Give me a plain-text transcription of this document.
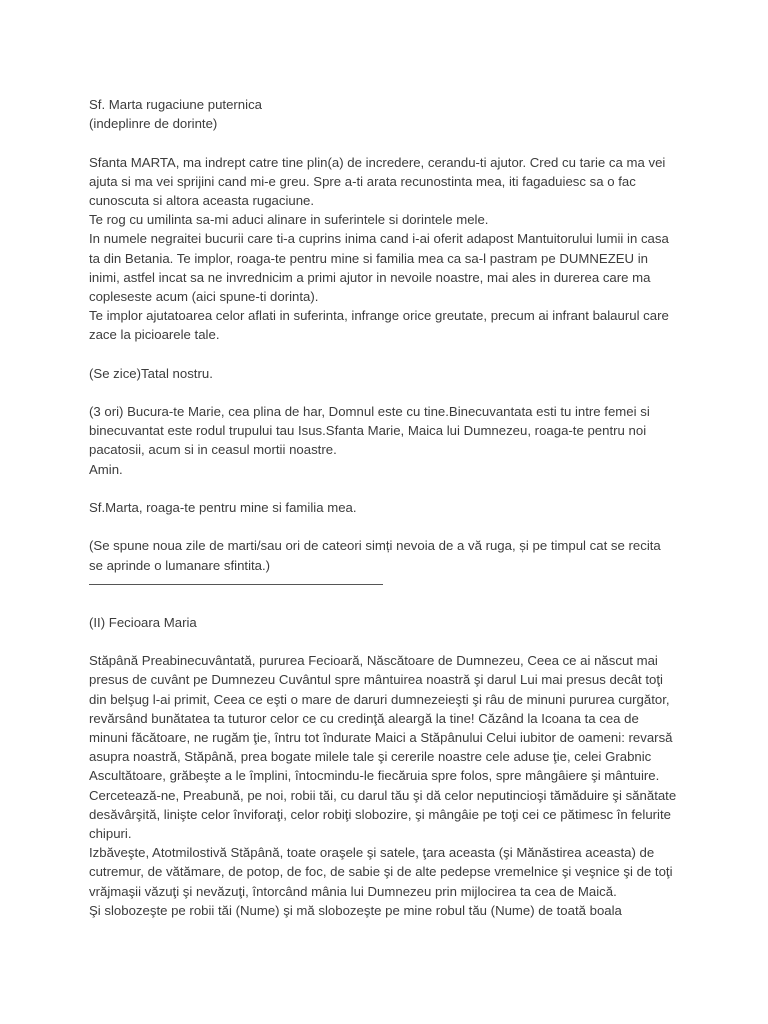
Sf. Marta rugaciune puternica
(indeplinre de dorinte)
Sfanta MARTA, ma indrept catre tine plin(a) de incredere, cerandu-ti ajutor. Cred cu tarie ca ma vei
ajuta si ma vei sprijini cand mi-e greu. Spre a-ti arata recunostinta mea, iti fagaduiesc sa o fac
cunoscuta si altora aceasta rugaciune.
Te rog cu umilinta sa-mi aduci alinare in suferintele si dorintele mele.
In numele negraitei bucurii care ti-a cuprins inima cand i-ai oferit adapost Mantuitorului lumii in casa
ta din Betania. Te implor, roaga-te pentru mine si familia mea ca sa-l pastram pe DUMNEZEU in
inimi, astfel incat sa ne invrednicim a primi ajutor in nevoile noastre, mai ales in durerea care ma
copleseste acum (aici spune-ti dorinta).
Te implor ajutatoarea celor aflati in suferinta, infrange orice greutate, precum ai infrant balaurul care
zace la picioarele tale.
(Se zice)Tatal nostru.
(3 ori) Bucura-te Marie, cea plina de har, Domnul este cu tine.Binecuvantata esti tu intre femei si
binecuvantat este rodul trupului tau Isus.Sfanta Marie, Maica lui Dumnezeu, roaga-te pentru noi
pacatosii, acum si in ceasul mortii noastre.
Amin.
Sf.Marta, roaga-te pentru mine si familia mea.
(Se spune noua zile de marti/sau ori de cateori simți nevoia de a vă ruga, și pe timpul cat se recita
se aprinde o lumanare sfintita.)
(II) Fecioara Maria
Stăpână Preabinecuvântată, pururea Fecioară, Născătoare de Dumnezeu, Ceea ce ai născut mai
presus de cuvânt pe Dumnezeu Cuvântul spre mântuirea noastră şi darul Lui mai presus decât toţi
din belşug l-ai primit, Ceea ce eşti o mare de daruri dumnezeieşti şi râu de minuni pururea curgător,
revărsând bunătatea ta tuturor celor ce cu credinţă aleargă la tine! Căzând la Icoana ta cea de
minuni făcătoare, ne rugăm ţie, întru tot îndurate Maici a Stăpânului Celui iubitor de oameni: revarsă
asupra noastră, Stăpână, prea bogate milele tale şi cererile noastre cele aduse ţie, celei Grabnic
Ascultătoare, grăbeşte a le împlini, întocmindu-le fiecăruia spre folos, spre mângâiere şi mântuire.
Cercetează-ne, Preabună, pe noi, robii tăi, cu darul tău şi dă celor neputincioşi tămăduire şi sănătate
desăvârşită, linişte celor înviforaţi, celor robiţi slobozire, şi mângâie pe toţi cei ce pătimesc în felurite
chipuri.
Izbăveşte, Atotmilostivă Stăpână, toate oraşele şi satele, ţara aceasta (şi Mănăstirea aceasta) de
cutremur, de vătămare, de potop, de foc, de sabie şi de alte pedepse vremelnice şi veşnice şi de toţi
vrăjmaşii văzuţi şi nevăzuţi, întorcând mânia lui Dumnezeu prin mijlocirea ta cea de Maică.
Şi slobozeşte pe robii tăi (Nume) şi mă slobozeşte pe mine robul tău (Nume) de toată boala
